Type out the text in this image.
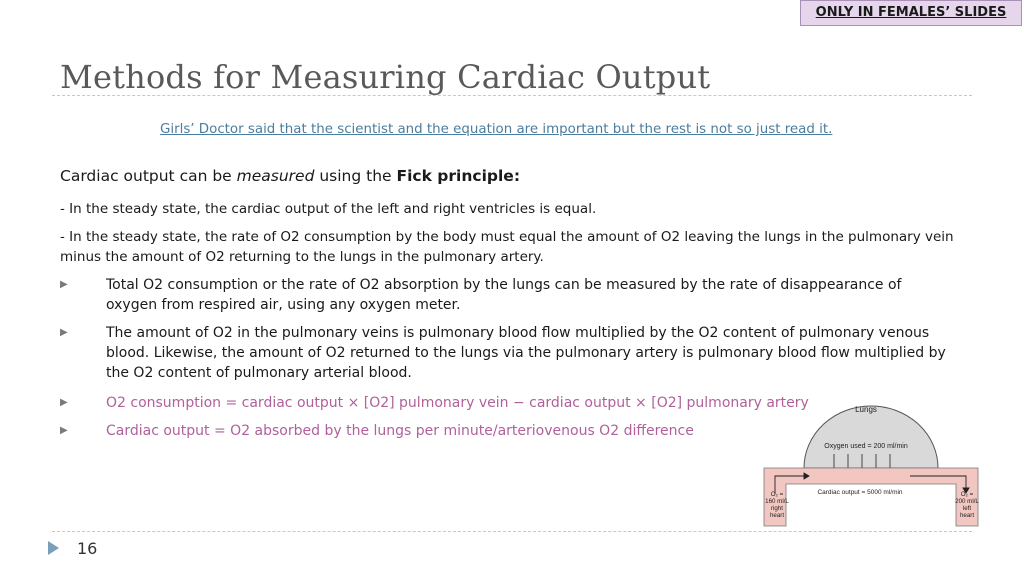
ONLY IN FEMALES’ SLIDES
Methods for Measuring Cardiac Output
Girls’ Doctor said that the scientist and the equation are important but the rest is not so just read it.
Cardiac output can be measured using the Fick principle:
- In the steady state, the cardiac output of the left and right ventricles is equal.
- In the steady state, the rate of O2 consumption by the body must equal the amount of O2 leaving the lungs in the pulmonary vein minus the amount of O2 returning to the lungs in the pulmonary artery.
▶	Total O2 consumption or the rate of O2 absorption by the lungs can be measured by the rate of disappearance of oxygen from respired air, using any oxygen meter.
▶	The amount of O2 in the pulmonary veins is pulmonary blood flow multiplied by the O2 content of pulmonary venous blood. Likewise, the amount of O2 returned to the lungs via the pulmonary artery is pulmonary blood flow multiplied by the O2 content of pulmonary arterial blood.
▶	O2 consumption = cardiac output × [O2] pulmonary vein − cardiac output × [O2] pulmonary artery
▶	Cardiac output = O2 absorbed by the lungs per minute/arteriovenous O2 difference
Lungs
Oxygen used = 200 ml/min
Cardiac output = 5000 ml/min
O₂ =
160 ml/L
right
heart
O₂ =
200 ml/L
left
heart
16
